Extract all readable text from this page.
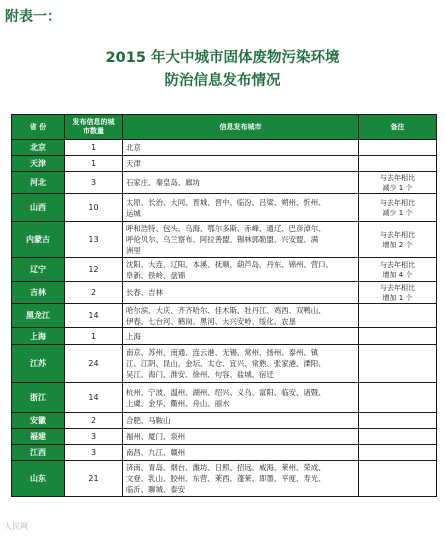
附表一：
2015 年大中城市固体废物污染环境
防治信息发布情况
省 份	发布信息的城
市数量	信息发布城市	备注
北京	1	北京	
天津	1	天津	
河北	3	石家庄、秦皇岛、廊坊	与去年相比
减少 1 个
山西	10	太原、长治、大同、晋城、晋中、临汾、吕梁、朔州、忻州、
运城	与去年相比
减少 1 个
内蒙古	13	呼和浩特、包头、乌海、鄂尔多斯、赤峰、通辽、巴彦淖尔、
呼伦贝尔、乌兰察布、阿拉善盟、锡林郭勒盟、兴安盟、满
洲里	与去年相比
增加 2 个
辽宁	12	沈阳、大连、辽阳、本溪、抚顺、葫芦岛、丹东、锦州、营口、
阜新、铁岭、盘锦	与去年相比
增加 4 个
吉林	2	长春、吉林	与去年相比
增加 1 个
黑龙江	14	哈尔滨、大庆、齐齐哈尔、佳木斯、牡丹江、鸡西、双鸭山、
伊春、七台河、鹤岗、黑河、大兴安岭、绥化、农垦	
上海	1	上海	
江苏	24	南京、苏州、南通、连云港、无锡、常州、扬州、泰州、镇
江、江阴、昆山、金坛、太仓、宜兴、常熟、张家港、溧阳、
吴江、海门、淮安、徐州、句容、盐城、宿迁	
浙江	14	杭州、宁波、温州、湖州、绍兴、义乌、富阳、临安、诸暨、
上虞、金华、衢州、舟山、丽水	
安徽	2	合肥、马鞍山	
福建	3	福州、厦门、泉州	
江西	3	南昌、九江、赣州	
山东	21	济南、青岛、烟台、潍坊、日照、招远、威海、莱州、荣成、
文登、乳山、胶州、东营、莱西、蓬莱、即墨、平度、寿光、
临沂、聊城、泰安	
人民网
